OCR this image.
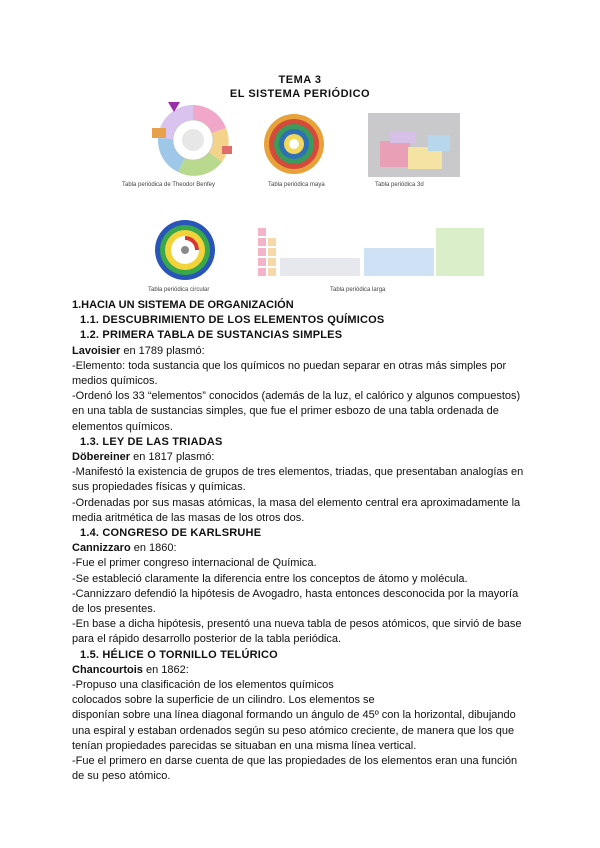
TEMA 3
EL SISTEMA PERIÓDICO
Tabla periódica de Theodor Benfey	Tabla periódica maya	Tabla periódica 3d
Tabla periódica circular	Tabla periódica larga

1.HACIA UN SISTEMA DE ORGANIZACIÓN

1.1. DESCUBRIMIENTO DE LOS ELEMENTOS QUÍMICOS

1.2. PRIMERA TABLA DE SUSTANCIAS SIMPLES

Lavoisier en 1789 plasmó:

-Elemento: toda sustancia que los químicos no puedan separar en otras más simples por medios químicos.

-Ordenó los 33 “elementos” conocidos (además de la luz, el calórico y algunos compuestos) en una tabla de sustancias simples, que fue el primer esbozo de una tabla ordenada de elementos químicos.

1.3. LEY DE LAS TRIADAS

Döbereiner en 1817 plasmó:

-Manifestó la existencia de grupos de tres elementos, triadas, que presentaban analogías en sus propiedades físicas y químicas.

-Ordenadas por sus masas atómicas, la masa del elemento central era aproximadamente la media aritmética de las masas de los otros dos.

1.4. CONGRESO DE KARLSRUHE

Cannizzaro en 1860:

-Fue el primer congreso internacional de Química.

-Se estableció claramente la diferencia entre los conceptos de átomo y molécula.

-Cannizzaro defendió la hipótesis de Avogadro, hasta entonces desconocida por la mayoría de los presentes.

-En base a dicha hipótesis, presentó una nueva tabla de pesos atómicos, que sirvió de base para el rápido desarrollo posterior de la tabla periódica.

1.5. HÉLICE O TORNILLO TELÚRICO

Chancourtois en 1862:

-Propuso una clasificación de los elementos químicos

colocados sobre la superficie de un cilindro. Los elementos se

disponían sobre una línea diagonal formando un ángulo de 45º con la horizontal, dibujando una espiral y estaban ordenados según su peso atómico creciente, de manera que los que tenían propiedades parecidas se situaban en una misma línea vertical.

-Fue el primero en darse cuenta de que las propiedades de los elementos eran una función de su peso atómico.
